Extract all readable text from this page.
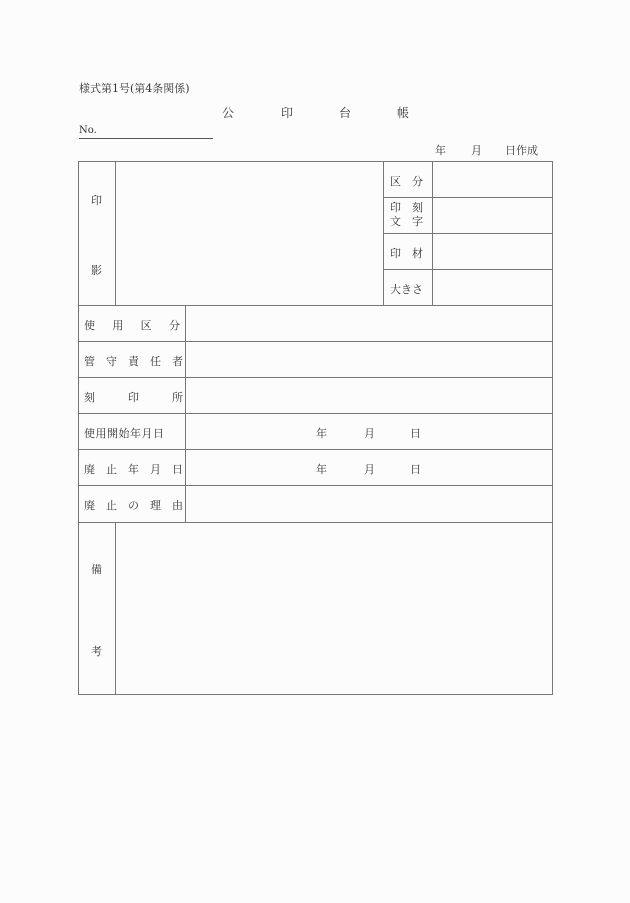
様式第1号(第4条関係)
公	印	台	帳
No.
年 月 日作成
印
影
区　分
印　刻
文　字
印　材
大きさ
使　用　区　分
管　守　責　任　者
刻　　　印　　　所
使用開始年月日	年	月	日
廃　止　年　月　日	年	月	日
廃　止　の　理　由
備
考
